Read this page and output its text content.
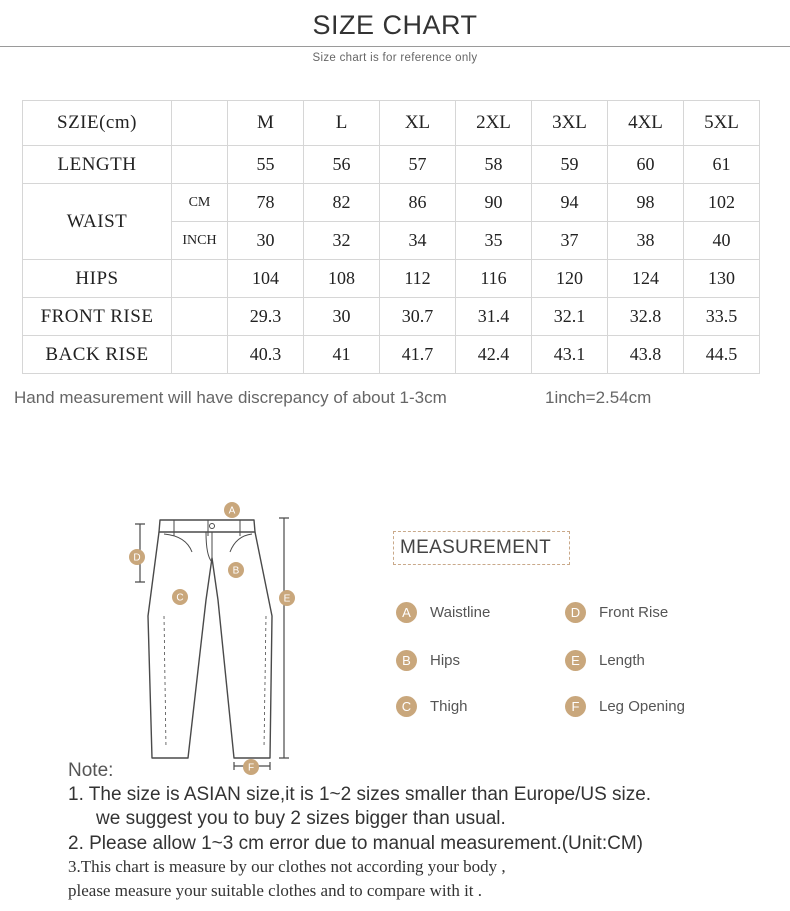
SIZE CHART
Size chart is for reference only
SZIE(cm)		M	L	XL	2XL	3XL	4XL	5XL
LENGTH		55	56	57	58	59	60	61
WAIST	CM	78	82	86	90	94	98	102
	INCH	30	32	34	35	37	38	40
HIPS		104	108	112	116	120	124	130
FRONT RISE		29.3	30	30.7	31.4	32.1	32.8	33.5
BACK RISE		40.3	41	41.7	42.4	43.1	43.8	44.5
Hand measurement will have discrepancy of about 1-3cm	1inch=2.54cm
A
B
C
D
E
F
MEASUREMENT
A	Waistline
B	Hips
C	Thigh
D	Front Rise
E	Length
F	Leg Opening
Note:
1. The size is ASIAN size,it is 1~2 sizes smaller than Europe/US size.
we suggest you to buy 2 sizes bigger than usual.
2. Please allow 1~3 cm error due to manual measurement.(Unit:CM)
3.This chart is measure by our clothes not according your body ,
please measure your suitable clothes and to compare with it .
